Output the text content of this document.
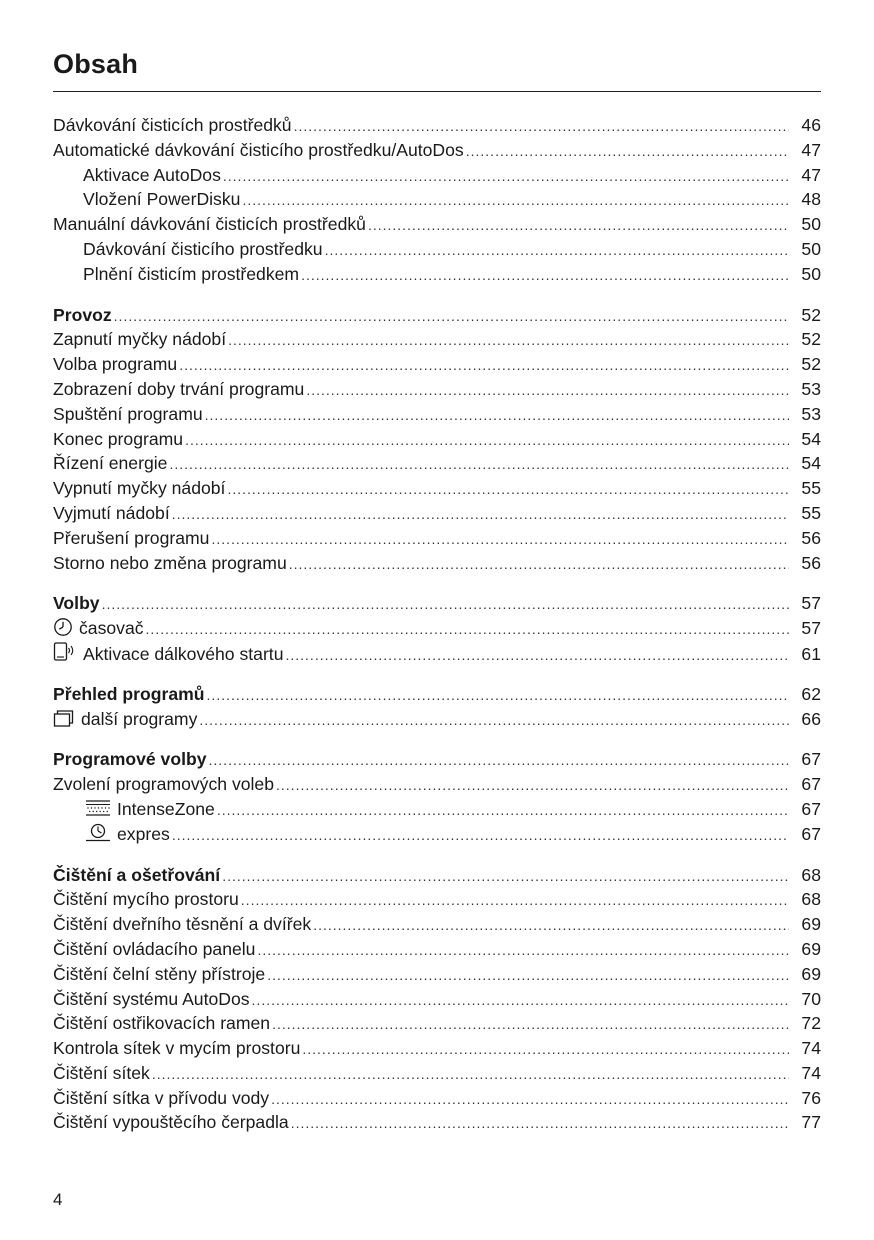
Obsah
Dávkování čisticích prostředků .....	46
Automatické dávkování čisticího prostředku/AutoDos .....	47
Aktivace AutoDos .....	47
Vložení PowerDisku .....	48
Manuální dávkování čisticích prostředků .....	50
Dávkování čisticího prostředku .....	50
Plnění čisticím prostředkem .....	50
Provoz .....	52
Zapnutí myčky nádobí .....	52
Volba programu .....	52
Zobrazení doby trvání programu .....	53
Spuštění programu .....	53
Konec programu .....	54
Řízení energie .....	54
Vypnutí myčky nádobí .....	55
Vyjmutí nádobí .....	55
Přerušení programu .....	56
Storno nebo změna programu .....	56
Volby .....	57
časovač .....	57
Aktivace dálkového startu .....	61
Přehled programů .....	62
další programy .....	66
Programové volby .....	67
Zvolení programových voleb .....	67
IntenseZone .....	67
expres .....	67
Čištění a ošetřování .....	68
Čištění mycího prostoru .....	68
Čištění dveřního těsnění a dvířek .....	69
Čištění ovládacího panelu .....	69
Čištění čelní stěny přístroje .....	69
Čištění systému AutoDos .....	70
Čištění ostřikovacích ramen .....	72
Kontrola sítek v mycím prostoru .....	74
Čištění sítek .....	74
Čištění sítka v přívodu vody .....	76
Čištění vypouštěcího čerpadla .....	77
4
